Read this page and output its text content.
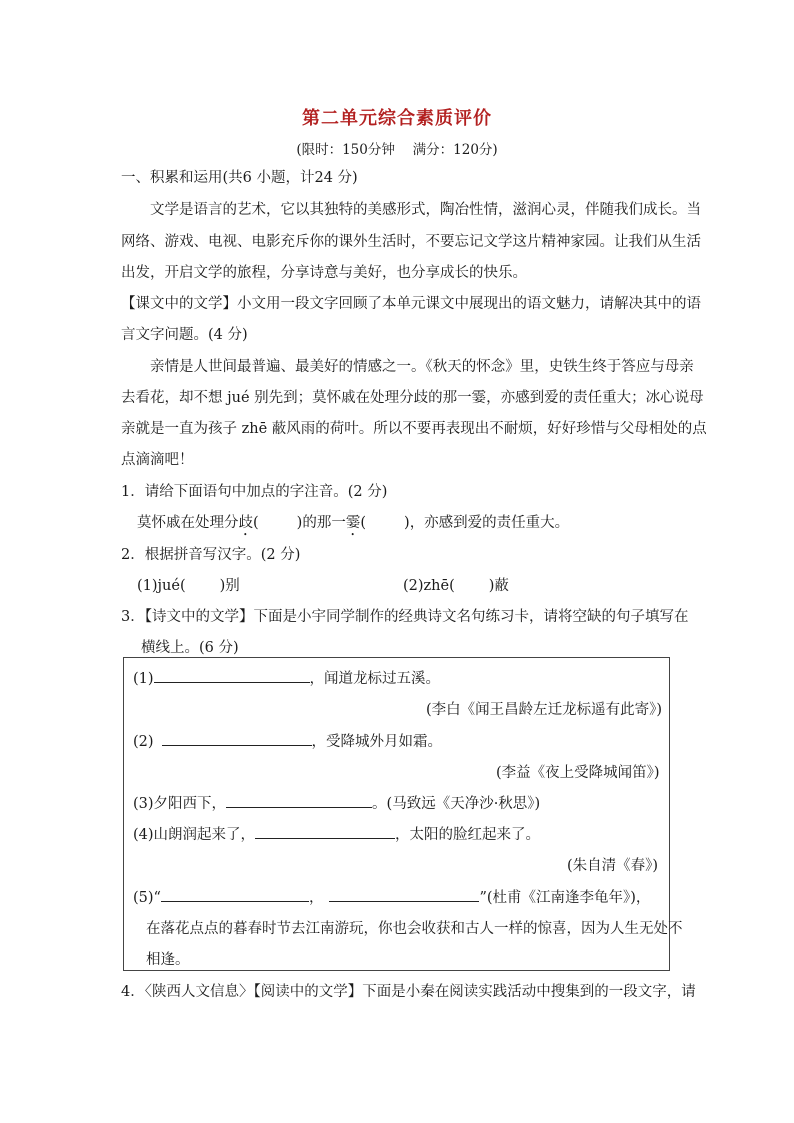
第二单元综合素质评价
(限时：150分钟　 满分：120分)
一、积累和运用(共6 小题，计24 分)
文学是语言的艺术，它以其独特的美感形式，陶冶性情，滋润心灵，伴随我们成长。当
网络、游戏、电视、电影充斥你的课外生活时，不要忘记文学这片精神家园。让我们从生活
出发，开启文学的旅程，分享诗意与美好，也分享成长的快乐。
【课文中的文学】小文用一段文字回顾了本单元课文中展现出的语文魅力，请解决其中的语
言文字问题。(4 分)
亲情是人世间最普遍、最美好的情感之一。《秋天的怀念》里，史铁生终于答应与母亲
去看花，却不想 jué 别先到；莫怀戚在处理分歧的那一霎，亦感到爱的责任重大；冰心说母
亲就是一直为孩子 zhē 蔽风雨的荷叶。所以不要再表现出不耐烦，好好珍惜与父母相处的点
点滴滴吧！
1．请给下面语句中加点的字注音。(2 分)
莫怀戚在处理分歧(	)的那一霎(	)，亦感到爱的责任重大。
2．根据拼音写汉字。(2 分)
(1)jué( )别	(2)zhē( )蔽
3．【诗文中的文学】下面是小宇同学制作的经典诗文名句练习卡，请将空缺的句子填写在
横线上。(6 分)
(1)	，闻道龙标过五溪。
(李白《闻王昌龄左迁龙标遥有此寄》)
(2)	，受降城外月如霜。
(李益《夜上受降城闻笛》)
(3)夕阳西下，	。(马致远《天净沙·秋思》)
(4)山朗润起来了，	，太阳的脸红起来了。
(朱自清《春》)
(5)“	，	”(杜甫《江南逢李龟年》)，
在落花点点的暮春时节去江南游玩，你也会收获和古人一样的惊喜，因为人生无处不
相逢。
4．〈陕西人文信息〉【阅读中的文学】下面是小秦在阅读实践活动中搜集到的一段文字，请
